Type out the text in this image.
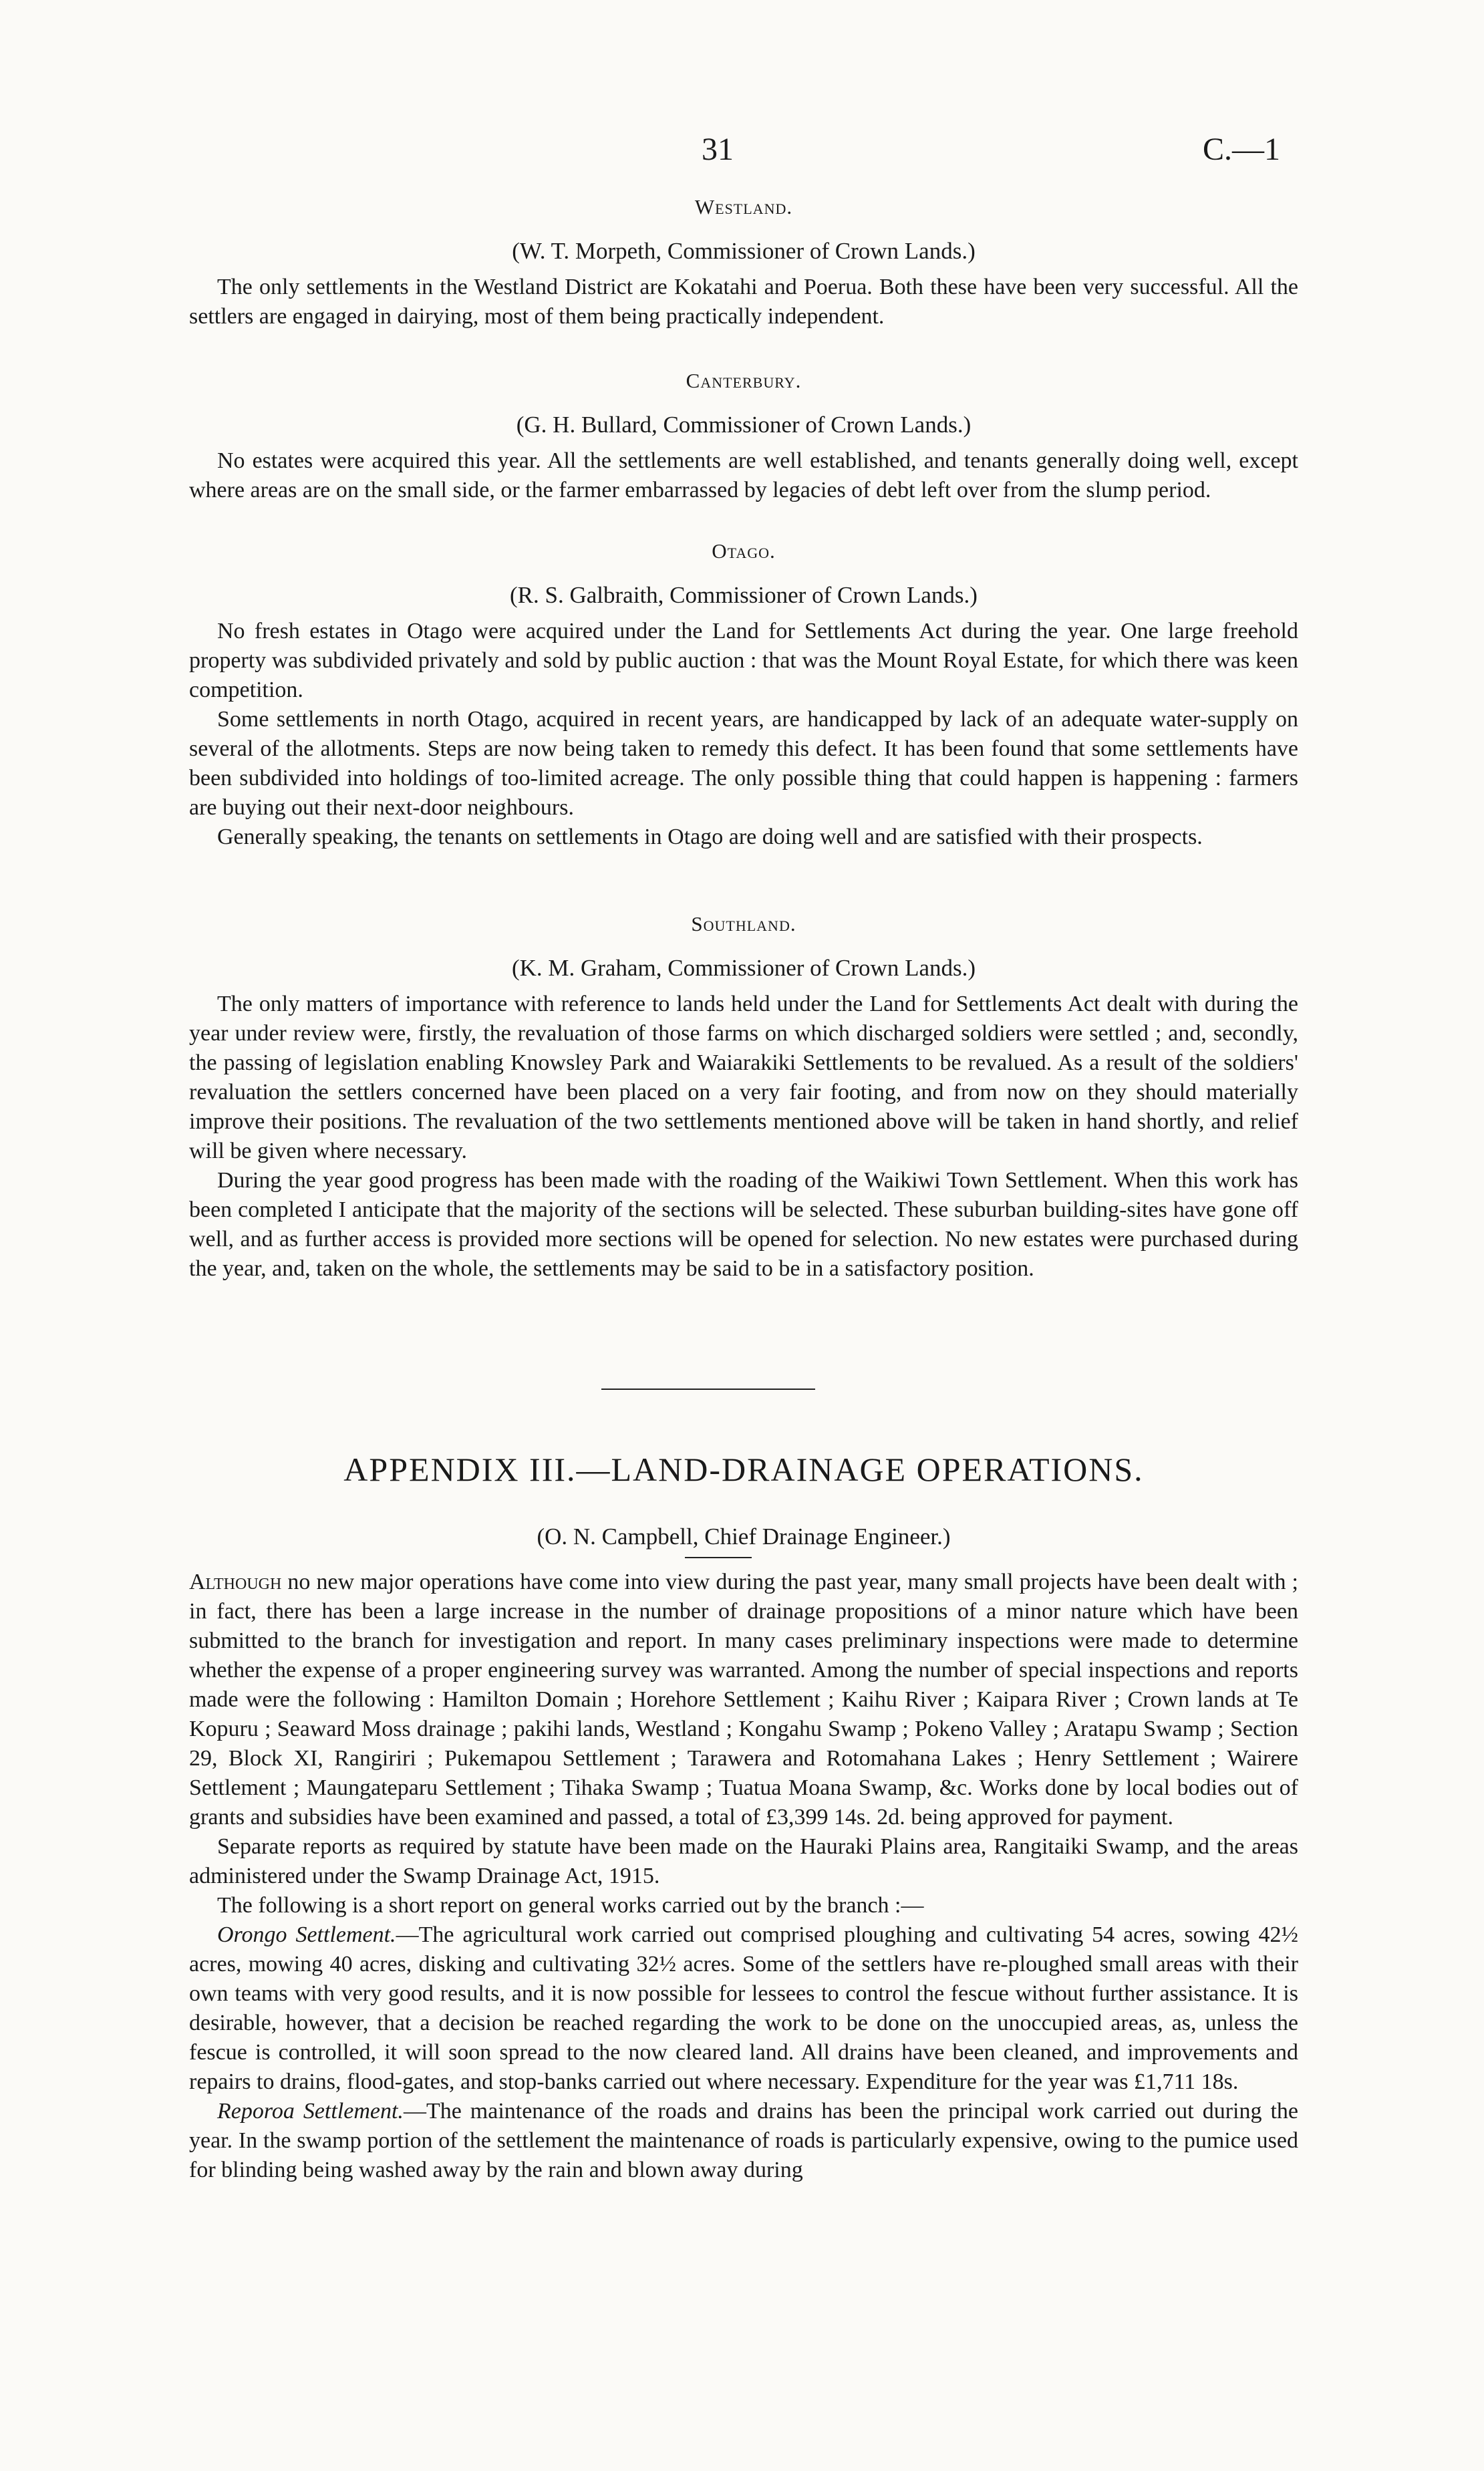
31	C.—1

Westland.

(W. T. Morpeth, Commissioner of Crown Lands.)

The only settlements in the Westland District are Kokatahi and Poerua. Both these have been very successful. All the settlers are engaged in dairying, most of them being practically independent.

Canterbury.

(G. H. Bullard, Commissioner of Crown Lands.)

No estates were acquired this year. All the settlements are well established, and tenants generally doing well, except where areas are on the small side, or the farmer embarrassed by legacies of debt left over from the slump period.

Otago.

(R. S. Galbraith, Commissioner of Crown Lands.)

No fresh estates in Otago were acquired under the Land for Settlements Act during the year. One large freehold property was subdivided privately and sold by public auction : that was the Mount Royal Estate, for which there was keen competition.

Some settlements in north Otago, acquired in recent years, are handicapped by lack of an adequate water-supply on several of the allotments. Steps are now being taken to remedy this defect. It has been found that some settlements have been subdivided into holdings of too-limited acreage. The only possible thing that could happen is happening : farmers are buying out their next-door neighbours.

Generally speaking, the tenants on settlements in Otago are doing well and are satisfied with their prospects.

Southland.

(K. M. Graham, Commissioner of Crown Lands.)

The only matters of importance with reference to lands held under the Land for Settlements Act dealt with during the year under review were, firstly, the revaluation of those farms on which discharged soldiers were settled ; and, secondly, the passing of legislation enabling Knowsley Park and Waiarakiki Settlements to be revalued. As a result of the soldiers' revaluation the settlers concerned have been placed on a very fair footing, and from now on they should materially improve their positions. The revaluation of the two settlements mentioned above will be taken in hand shortly, and relief will be given where necessary.

During the year good progress has been made with the roading of the Waikiwi Town Settlement. When this work has been completed I anticipate that the majority of the sections will be selected. These suburban building-sites have gone off well, and as further access is provided more sections will be opened for selection. No new estates were purchased during the year, and, taken on the whole, the settlements may be said to be in a satisfactory position.

APPENDIX III.—LAND-DRAINAGE OPERATIONS.

(O. N. Campbell, Chief Drainage Engineer.)

Although no new major operations have come into view during the past year, many small projects have been dealt with ; in fact, there has been a large increase in the number of drainage propositions of a minor nature which have been submitted to the branch for investigation and report. In many cases preliminary inspections were made to determine whether the expense of a proper engineering survey was warranted. Among the number of special inspections and reports made were the following : Hamilton Domain ; Horehore Settlement ; Kaihu River ; Kaipara River ; Crown lands at Te Kopuru ; Seaward Moss drainage ; pakihi lands, Westland ; Kongahu Swamp ; Pokeno Valley ; Aratapu Swamp ; Section 29, Block XI, Rangiriri ; Pukemapou Settlement ; Tarawera and Rotomahana Lakes ; Henry Settlement ; Wairere Settlement ; Maungateparu Settlement ; Tihaka Swamp ; Tuatua Moana Swamp, &c. Works done by local bodies out of grants and subsidies have been examined and passed, a total of £3,399 14s. 2d. being approved for payment.

Separate reports as required by statute have been made on the Hauraki Plains area, Rangitaiki Swamp, and the areas administered under the Swamp Drainage Act, 1915.

The following is a short report on general works carried out by the branch :—

Orongo Settlement.—The agricultural work carried out comprised ploughing and cultivating 54 acres, sowing 42½ acres, mowing 40 acres, disking and cultivating 32½ acres. Some of the settlers have re-ploughed small areas with their own teams with very good results, and it is now possible for lessees to control the fescue without further assistance. It is desirable, however, that a decision be reached regarding the work to be done on the unoccupied areas, as, unless the fescue is controlled, it will soon spread to the now cleared land. All drains have been cleaned, and improvements and repairs to drains, flood-gates, and stop-banks carried out where necessary. Expenditure for the year was £1,711 18s.

Reporoa Settlement.—The maintenance of the roads and drains has been the principal work carried out during the year. In the swamp portion of the settlement the maintenance of roads is particularly expensive, owing to the pumice used for blinding being washed away by the rain and blown away during
